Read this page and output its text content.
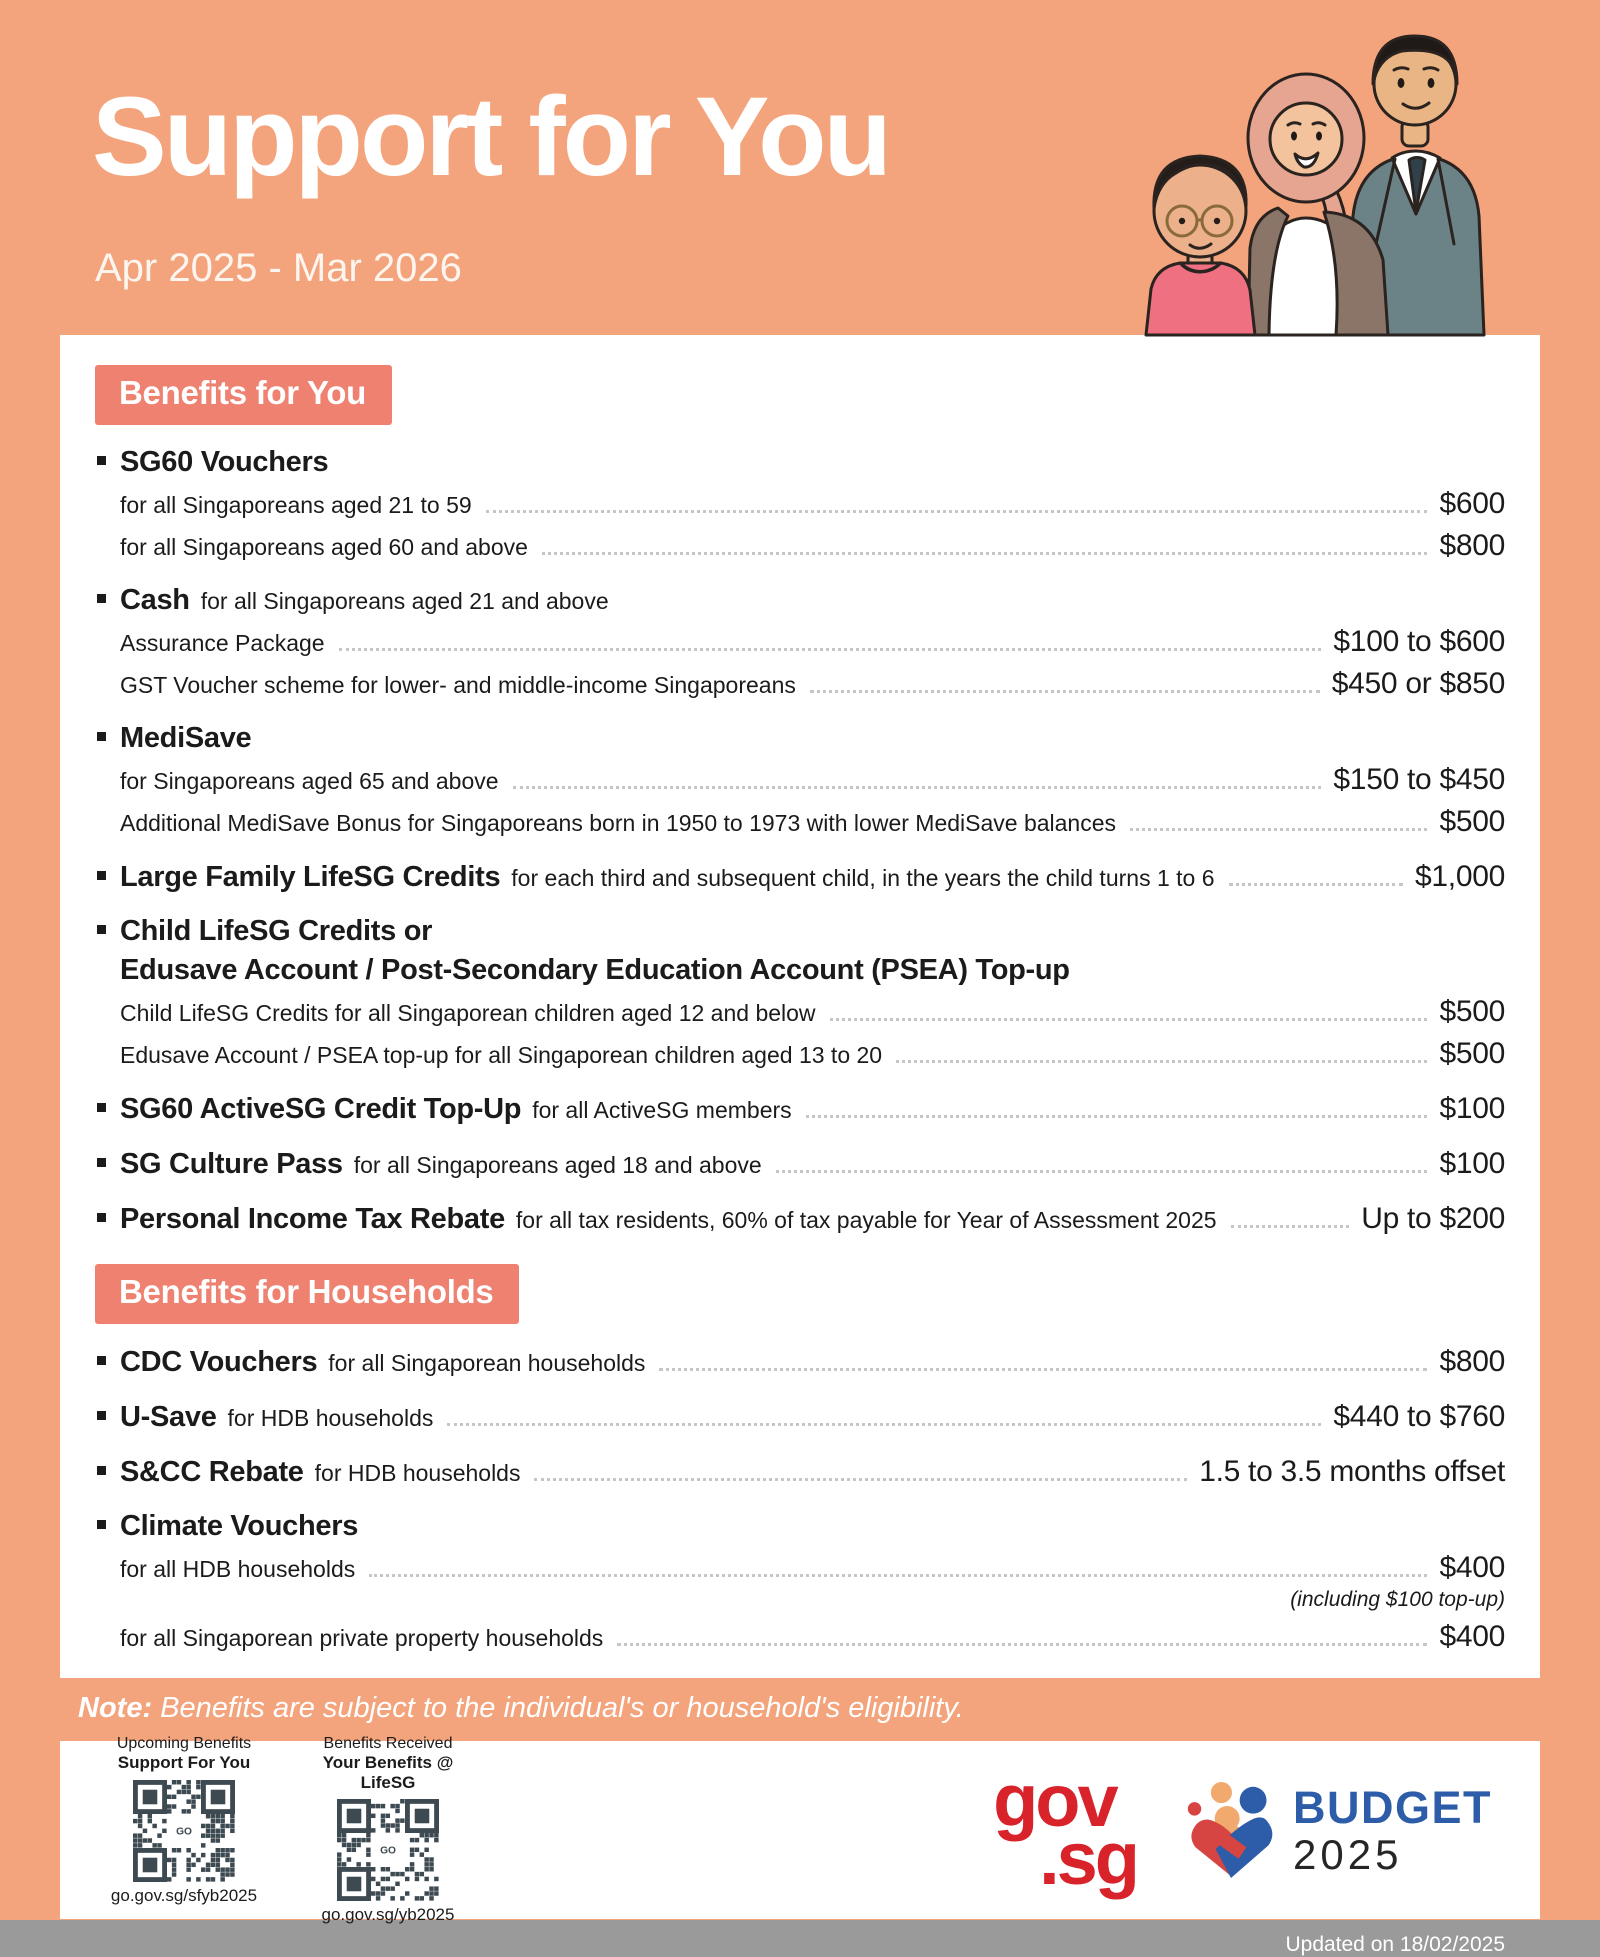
Support for You
Apr 2025 - Mar 2026
Benefits for You
SG60 Vouchers
for all Singaporeans aged 21 to 59	$600
for all Singaporeans aged 60 and above	$800
Cash for all Singaporeans aged 21 and above
Assurance Package	$100 to $600
GST Voucher scheme for lower- and middle-income Singaporeans	$450 or $850
MediSave
for Singaporeans aged 65 and above	$150 to $450
Additional MediSave Bonus for Singaporeans born in 1950 to 1973 with lower MediSave balances	$500
Large Family LifeSG Credits for each third and subsequent child, in the years the child turns 1 to 6	$1,000
Child LifeSG Credits or
Edusave Account / Post-Secondary Education Account (PSEA) Top-up
Child LifeSG Credits for all Singaporean children aged 12 and below	$500
Edusave Account / PSEA top-up for all Singaporean children aged 13 to 20	$500
SG60 ActiveSG Credit Top-Up for all ActiveSG members	$100
SG Culture Pass for all Singaporeans aged 18 and above	$100
Personal Income Tax Rebate for all tax residents, 60% of tax payable for Year of Assessment 2025	Up to $200
Benefits for Households
CDC Vouchers for all Singaporean households	$800
U-Save for HDB households	$440 to $760
S&CC Rebate for HDB households	1.5 to 3.5 months offset
Climate Vouchers
for all HDB households	$400
(including $100 top-up)
for all Singaporean private property households	$400
Note: Benefits are subject to the individual's or household's eligibility.
Upcoming Benefits
Support For You
GO
go.gov.sg/sfyb2025
Benefits Received
Your Benefits @ LifeSG
GO
go.gov.sg/yb2025
gov
.sg
BUDGET
2025
Updated on 18/02/2025
